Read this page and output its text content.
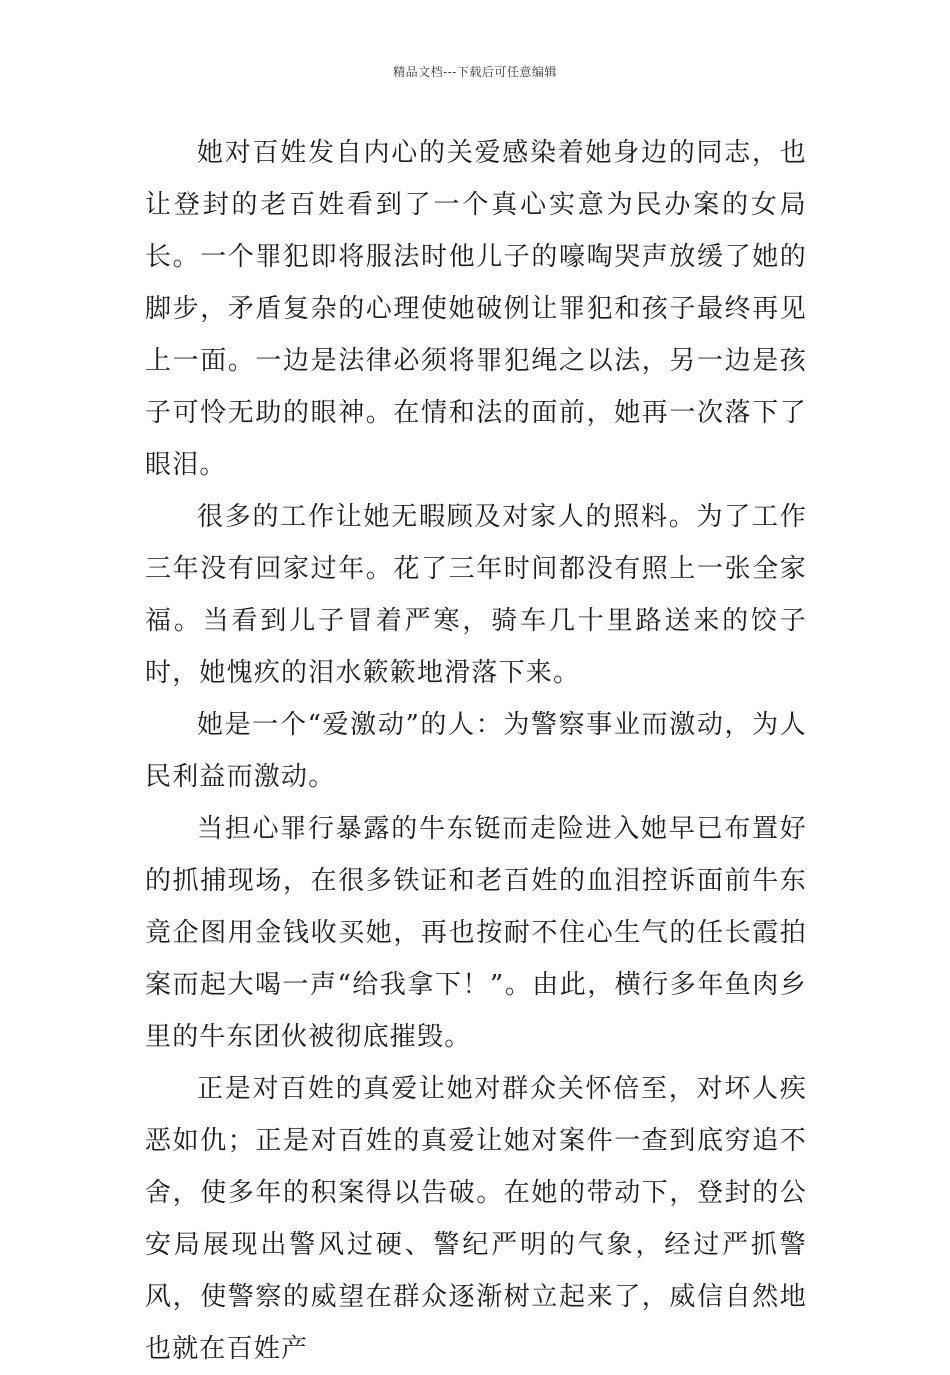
精品文档---下载后可任意编辑

她对百姓发自内心的关爱感染着她身边的同志，也让登封的老百姓看到了一个真心实意为民办案的女局长。一个罪犯即将服法时他儿子的嚎啕哭声放缓了她的脚步，矛盾复杂的心理使她破例让罪犯和孩子最终再见上一面。一边是法律必须将罪犯绳之以法，另一边是孩子可怜无助的眼神。在情和法的面前，她再一次落下了眼泪。

很多的工作让她无暇顾及对家人的照料。为了工作三年没有回家过年。花了三年时间都没有照上一张全家福。当看到儿子冒着严寒，骑车几十里路送来的饺子时，她愧疚的泪水簌簌地滑落下来。

她是一个“爱激动”的人：为警察事业而激动，为人民利益而激动。

当担心罪行暴露的牛东铤而走险进入她早已布置好的抓捕现场，在很多铁证和老百姓的血泪控诉面前牛东竟企图用金钱收买她，再也按耐不住心生气的任长霞拍案而起大喝一声“给我拿下！”。由此，横行多年鱼肉乡里的牛东团伙被彻底摧毁。

正是对百姓的真爱让她对群众关怀倍至，对坏人疾恶如仇；正是对百姓的真爱让她对案件一查到底穷追不舍，使多年的积案得以告破。在她的带动下，登封的公安局展现出警风过硬、警纪严明的气象，经过严抓警风，使警察的威望在群众逐渐树立起来了，威信自然地也就在百姓产
